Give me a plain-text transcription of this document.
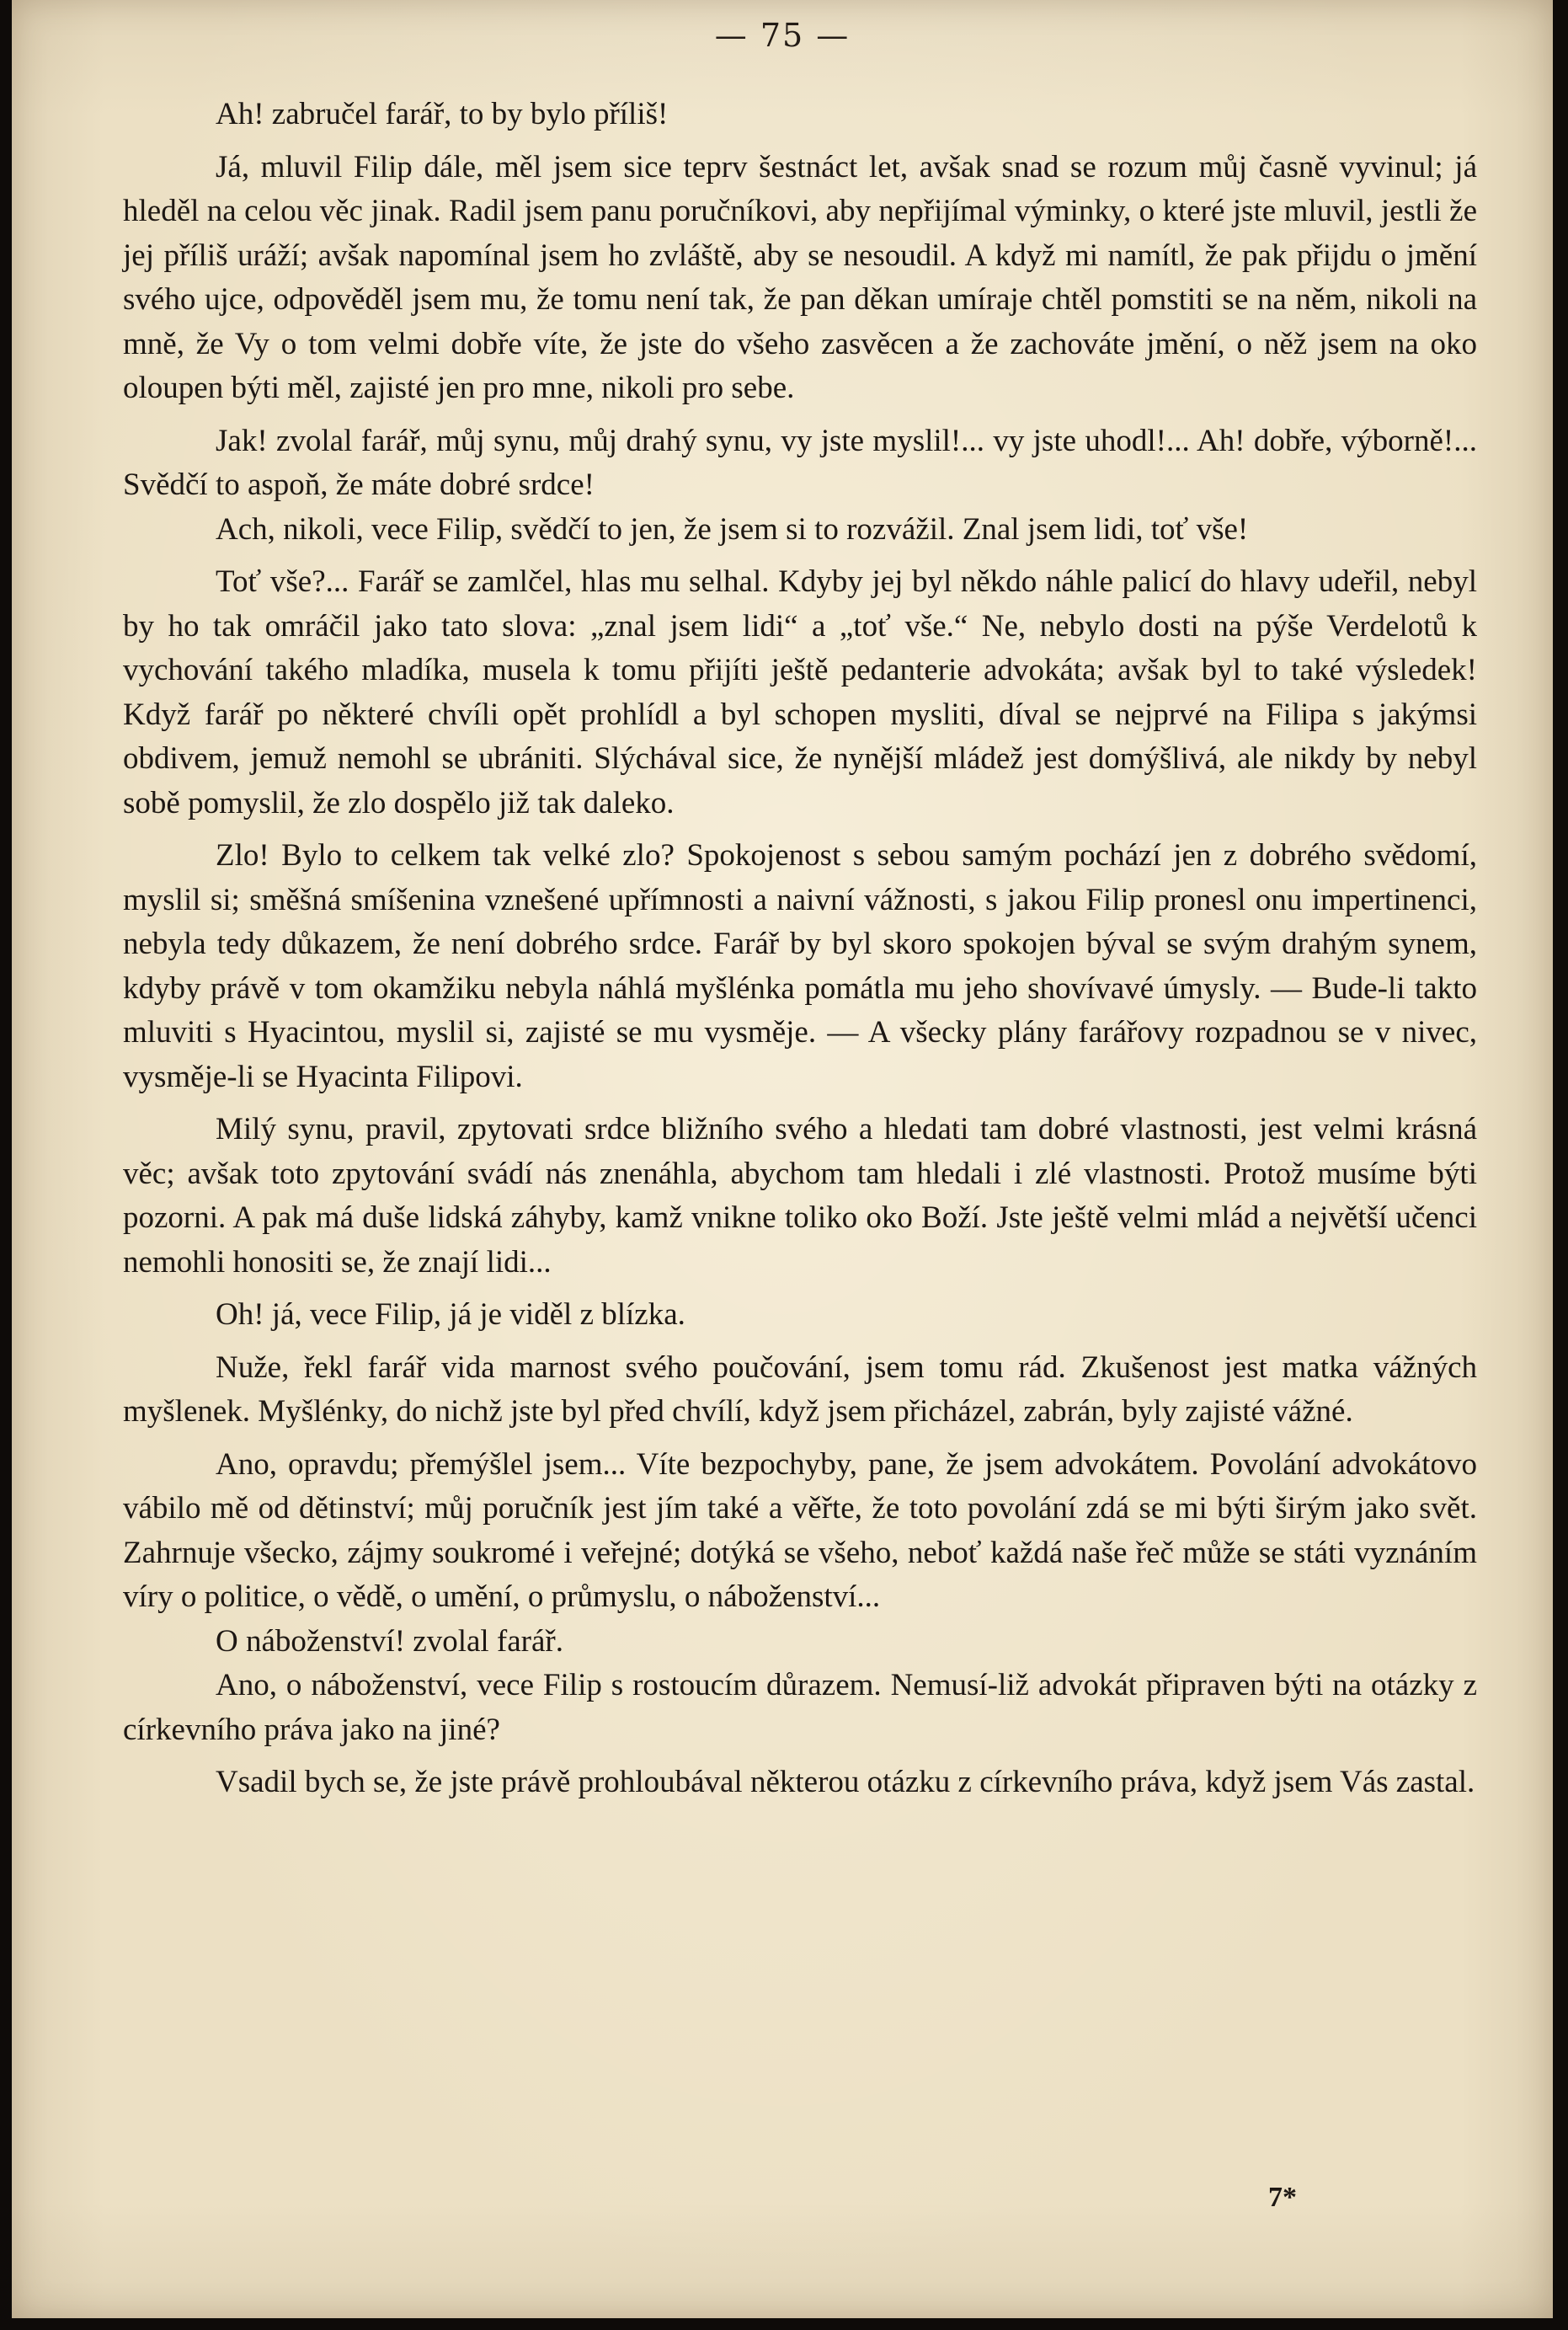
— 75 —

Ah! zabručel farář, to by bylo příliš!

Já, mluvil Filip dále, měl jsem sice teprv šestnáct let, avšak snad se rozum můj časně vyvinul; já hleděl na celou věc jinak. Radil jsem panu poručníkovi, aby nepřijímal výminky, o které jste mluvil, jestli že jej příliš uráží; avšak napomínal jsem ho zvláště, aby se nesoudil. A když mi namítl, že pak přijdu o jmění svého ujce, odpověděl jsem mu, že tomu není tak, že pan děkan umíraje chtěl pomstiti se na něm, nikoli na mně, že Vy o tom velmi dobře víte, že jste do všeho zasvěcen a že zachováte jmění, o něž jsem na oko oloupen býti měl, zajisté jen pro mne, nikoli pro sebe.

Jak! zvolal farář, můj synu, můj drahý synu, vy jste myslil!... vy jste uhodl!... Ah! dobře, výborně!... Svědčí to aspoň, že máte dobré srdce!

Ach, nikoli, vece Filip, svědčí to jen, že jsem si to rozvážil. Znal jsem lidi, toť vše!

Toť vše?... Farář se zamlčel, hlas mu selhal. Kdyby jej byl někdo náhle palicí do hlavy udeřil, nebyl by ho tak omráčil jako tato slova: „znal jsem lidi“ a „toť vše.“ Ne, nebylo dosti na pýše Verdelotů k vychování takého mladíka, musela k tomu přijíti ještě pedanterie advokáta; avšak byl to také výsledek! Když farář po některé chvíli opět prohlídl a byl schopen mysliti, díval se nejprvé na Filipa s jakýmsi obdivem, jemuž nemohl se ubrániti. Slýchával sice, že nynější mládež jest domýšlivá, ale nikdy by nebyl sobě pomyslil, že zlo dospělo již tak daleko.

Zlo! Bylo to celkem tak velké zlo? Spokojenost s sebou samým pochází jen z dobrého svědomí, myslil si; směšná smíšenina vznešené upřímnosti a naivní vážnosti, s jakou Filip pronesl onu impertinenci, nebyla tedy důkazem, že není dobrého srdce. Farář by byl skoro spokojen býval se svým drahým synem, kdyby právě v tom okamžiku nebyla náhlá myšlénka pomátla mu jeho shovívavé úmysly. — Bude-li takto mluviti s Hyacintou, myslil si, zajisté se mu vysměje. — A všecky plány farářovy rozpadnou se v nivec, vysměje-li se Hyacinta Filipovi.

Milý synu, pravil, zpytovati srdce bližního svého a hledati tam dobré vlastnosti, jest velmi krásná věc; avšak toto zpytování svádí nás znenáhla, abychom tam hledali i zlé vlastnosti. Protož musíme býti pozorni. A pak má duše lidská záhyby, kamž vnikne toliko oko Boží. Jste ještě velmi mlád a největší učenci nemohli honositi se, že znají lidi...

Oh! já, vece Filip, já je viděl z blízka.

Nuže, řekl farář vida marnost svého poučování, jsem tomu rád. Zkušenost jest matka vážných myšlenek. Myšlénky, do nichž jste byl před chvílí, když jsem přicházel, zabrán, byly zajisté vážné.

Ano, opravdu; přemýšlel jsem... Víte bezpochyby, pane, že jsem advokátem. Povolání advokátovo vábilo mě od dětinství; můj poručník jest jím také a věřte, že toto povolání zdá se mi býti širým jako svět. Zahrnuje všecko, zájmy soukromé i veřejné; dotýká se všeho, neboť každá naše řeč může se státi vyznáním víry o politice, o vědě, o umění, o průmyslu, o náboženství...

O náboženství! zvolal farář.

Ano, o náboženství, vece Filip s rostoucím důrazem. Nemusí-liž advokát připraven býti na otázky z církevního práva jako na jiné?

Vsadil bych se, že jste právě prohloubával některou otázku z církevního práva, když jsem Vás zastal.

7*
